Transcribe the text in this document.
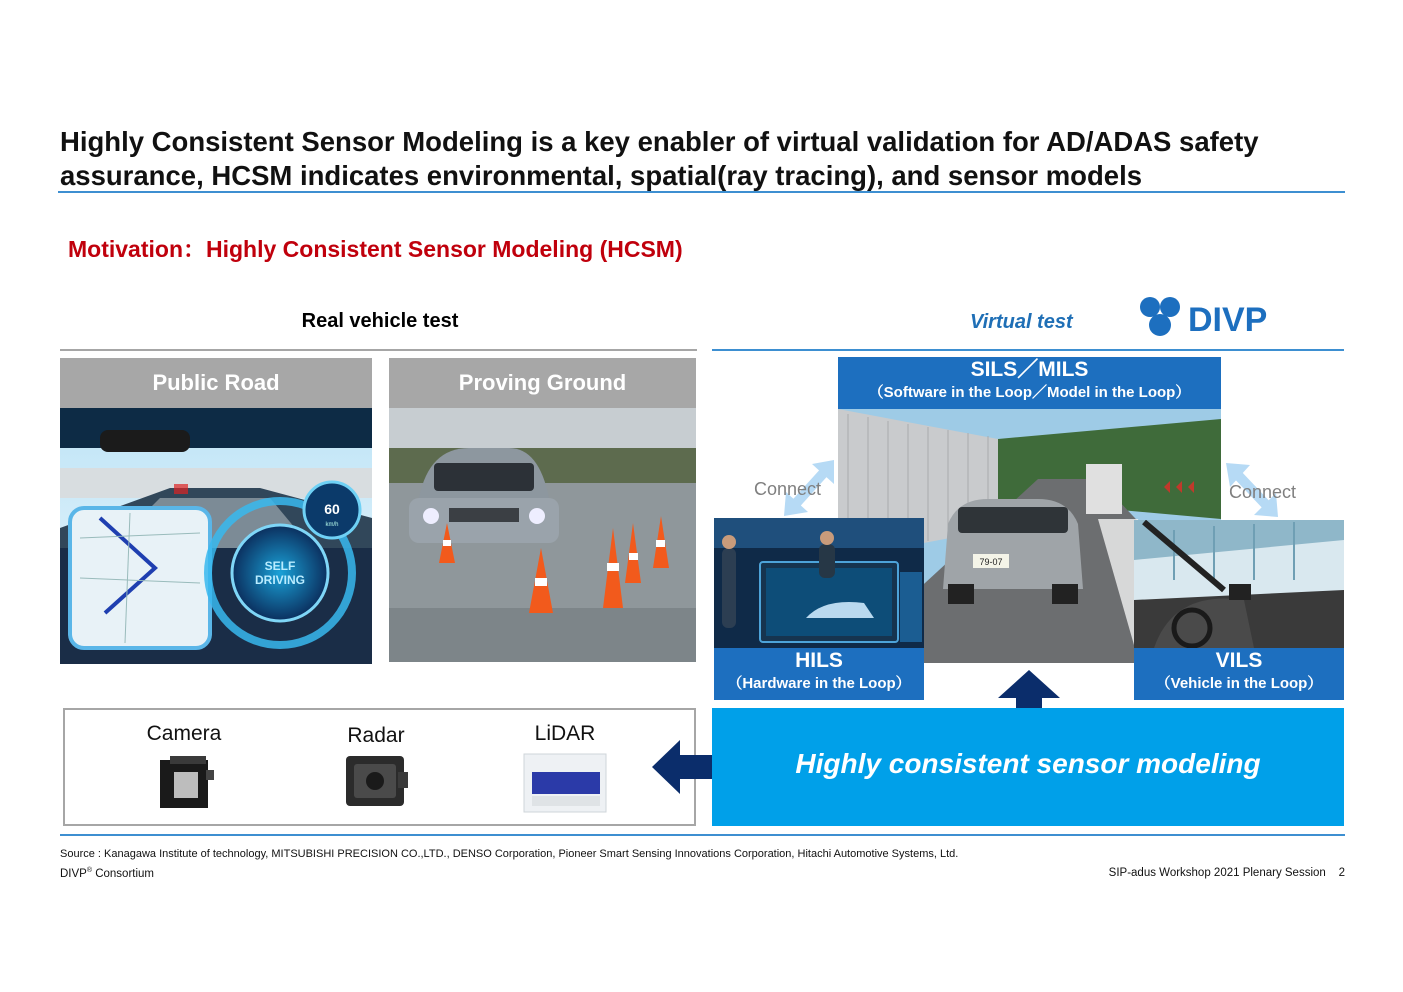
Highly Consistent Sensor Modeling is a key enabler of virtual validation for AD/ADAS safety
assurance, HCSM indicates environmental, spatial(ray tracing), and sensor models
Motivation：Highly Consistent Sensor Modeling (HCSM)
Real vehicle test
Public Road
60
km/h
SELF
DRIVING
Proving Ground
Virtual test	DIVP
SILS／MILS
（Software in the Loop／Model in the Loop）
79-07
HILS
（Hardware in the Loop）
VILS
（Vehicle in the Loop）
Connect	Connect
Camera	Radar	LiDAR
Highly consistent sensor modeling
Source : Kanagawa Institute of technology, MITSUBISHI PRECISION CO.,LTD., DENSO Corporation, Pioneer Smart Sensing Innovations Corporation, Hitachi Automotive Systems, Ltd.
DIVP® Consortium	SIP-adus Workshop 2021 Plenary Session 2
